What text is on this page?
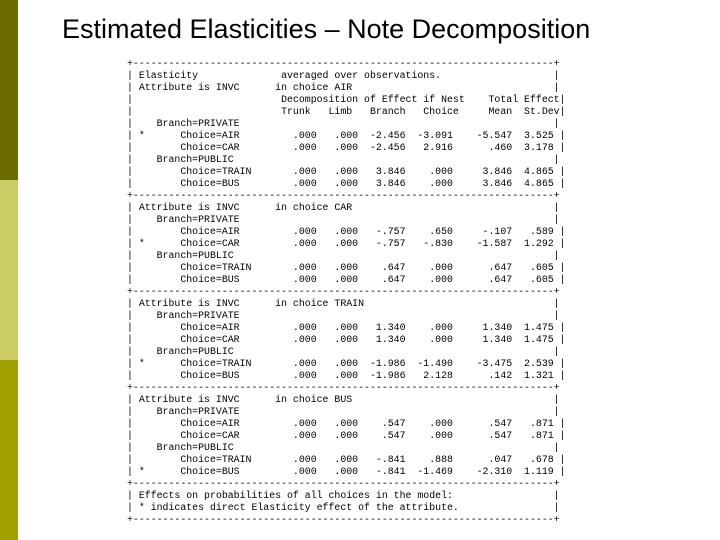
Estimated Elasticities – Note Decomposition
+-----------------------------------------------------------------------+
| Elasticity              averaged over observations.                   |
| Attribute is INVC      in choice AIR                                  |
|                         Decomposition of Effect if Nest    Total Effect|
|                         Trunk   Limb   Branch   Choice     Mean  St.Dev|
|    Branch=PRIVATE                                                     |
| *      Choice=AIR         .000   .000  -2.456  -3.091    -5.547  3.525 |
|        Choice=CAR         .000   .000  -2.456   2.916      .460  3.178 |
|    Branch=PUBLIC                                                      |
|        Choice=TRAIN       .000   .000   3.846    .000     3.846  4.865 |
|        Choice=BUS         .000   .000   3.846    .000     3.846  4.865 |
+-----------------------------------------------------------------------+
| Attribute is INVC      in choice CAR                                  |
|    Branch=PRIVATE                                                     |
|        Choice=AIR         .000   .000   -.757    .650     -.107   .589 |
| *      Choice=CAR         .000   .000   -.757   -.830    -1.587  1.292 |
|    Branch=PUBLIC                                                      |
|        Choice=TRAIN       .000   .000    .647    .000      .647   .605 |
|        Choice=BUS         .000   .000    .647    .000      .647   .605 |
+-----------------------------------------------------------------------+
| Attribute is INVC      in choice TRAIN                                |
|    Branch=PRIVATE                                                     |
|        Choice=AIR         .000   .000   1.340    .000     1.340  1.475 |
|        Choice=CAR         .000   .000   1.340    .000     1.340  1.475 |
|    Branch=PUBLIC                                                      |
| *      Choice=TRAIN       .000   .000  -1.986  -1.490    -3.475  2.539 |
|        Choice=BUS         .000   .000  -1.986   2.128      .142  1.321 |
+-----------------------------------------------------------------------+
| Attribute is INVC      in choice BUS                                  |
|    Branch=PRIVATE                                                     |
|        Choice=AIR         .000   .000    .547    .000      .547   .871 |
|        Choice=CAR         .000   .000    .547    .000      .547   .871 |
|    Branch=PUBLIC                                                      |
|        Choice=TRAIN       .000   .000   -.841    .888      .047   .678 |
| *      Choice=BUS         .000   .000   -.841  -1.469    -2.310  1.119 |
+-----------------------------------------------------------------------+
| Effects on probabilities of all choices in the model:                 |
| * indicates direct Elasticity effect of the attribute.                |
+-----------------------------------------------------------------------+
